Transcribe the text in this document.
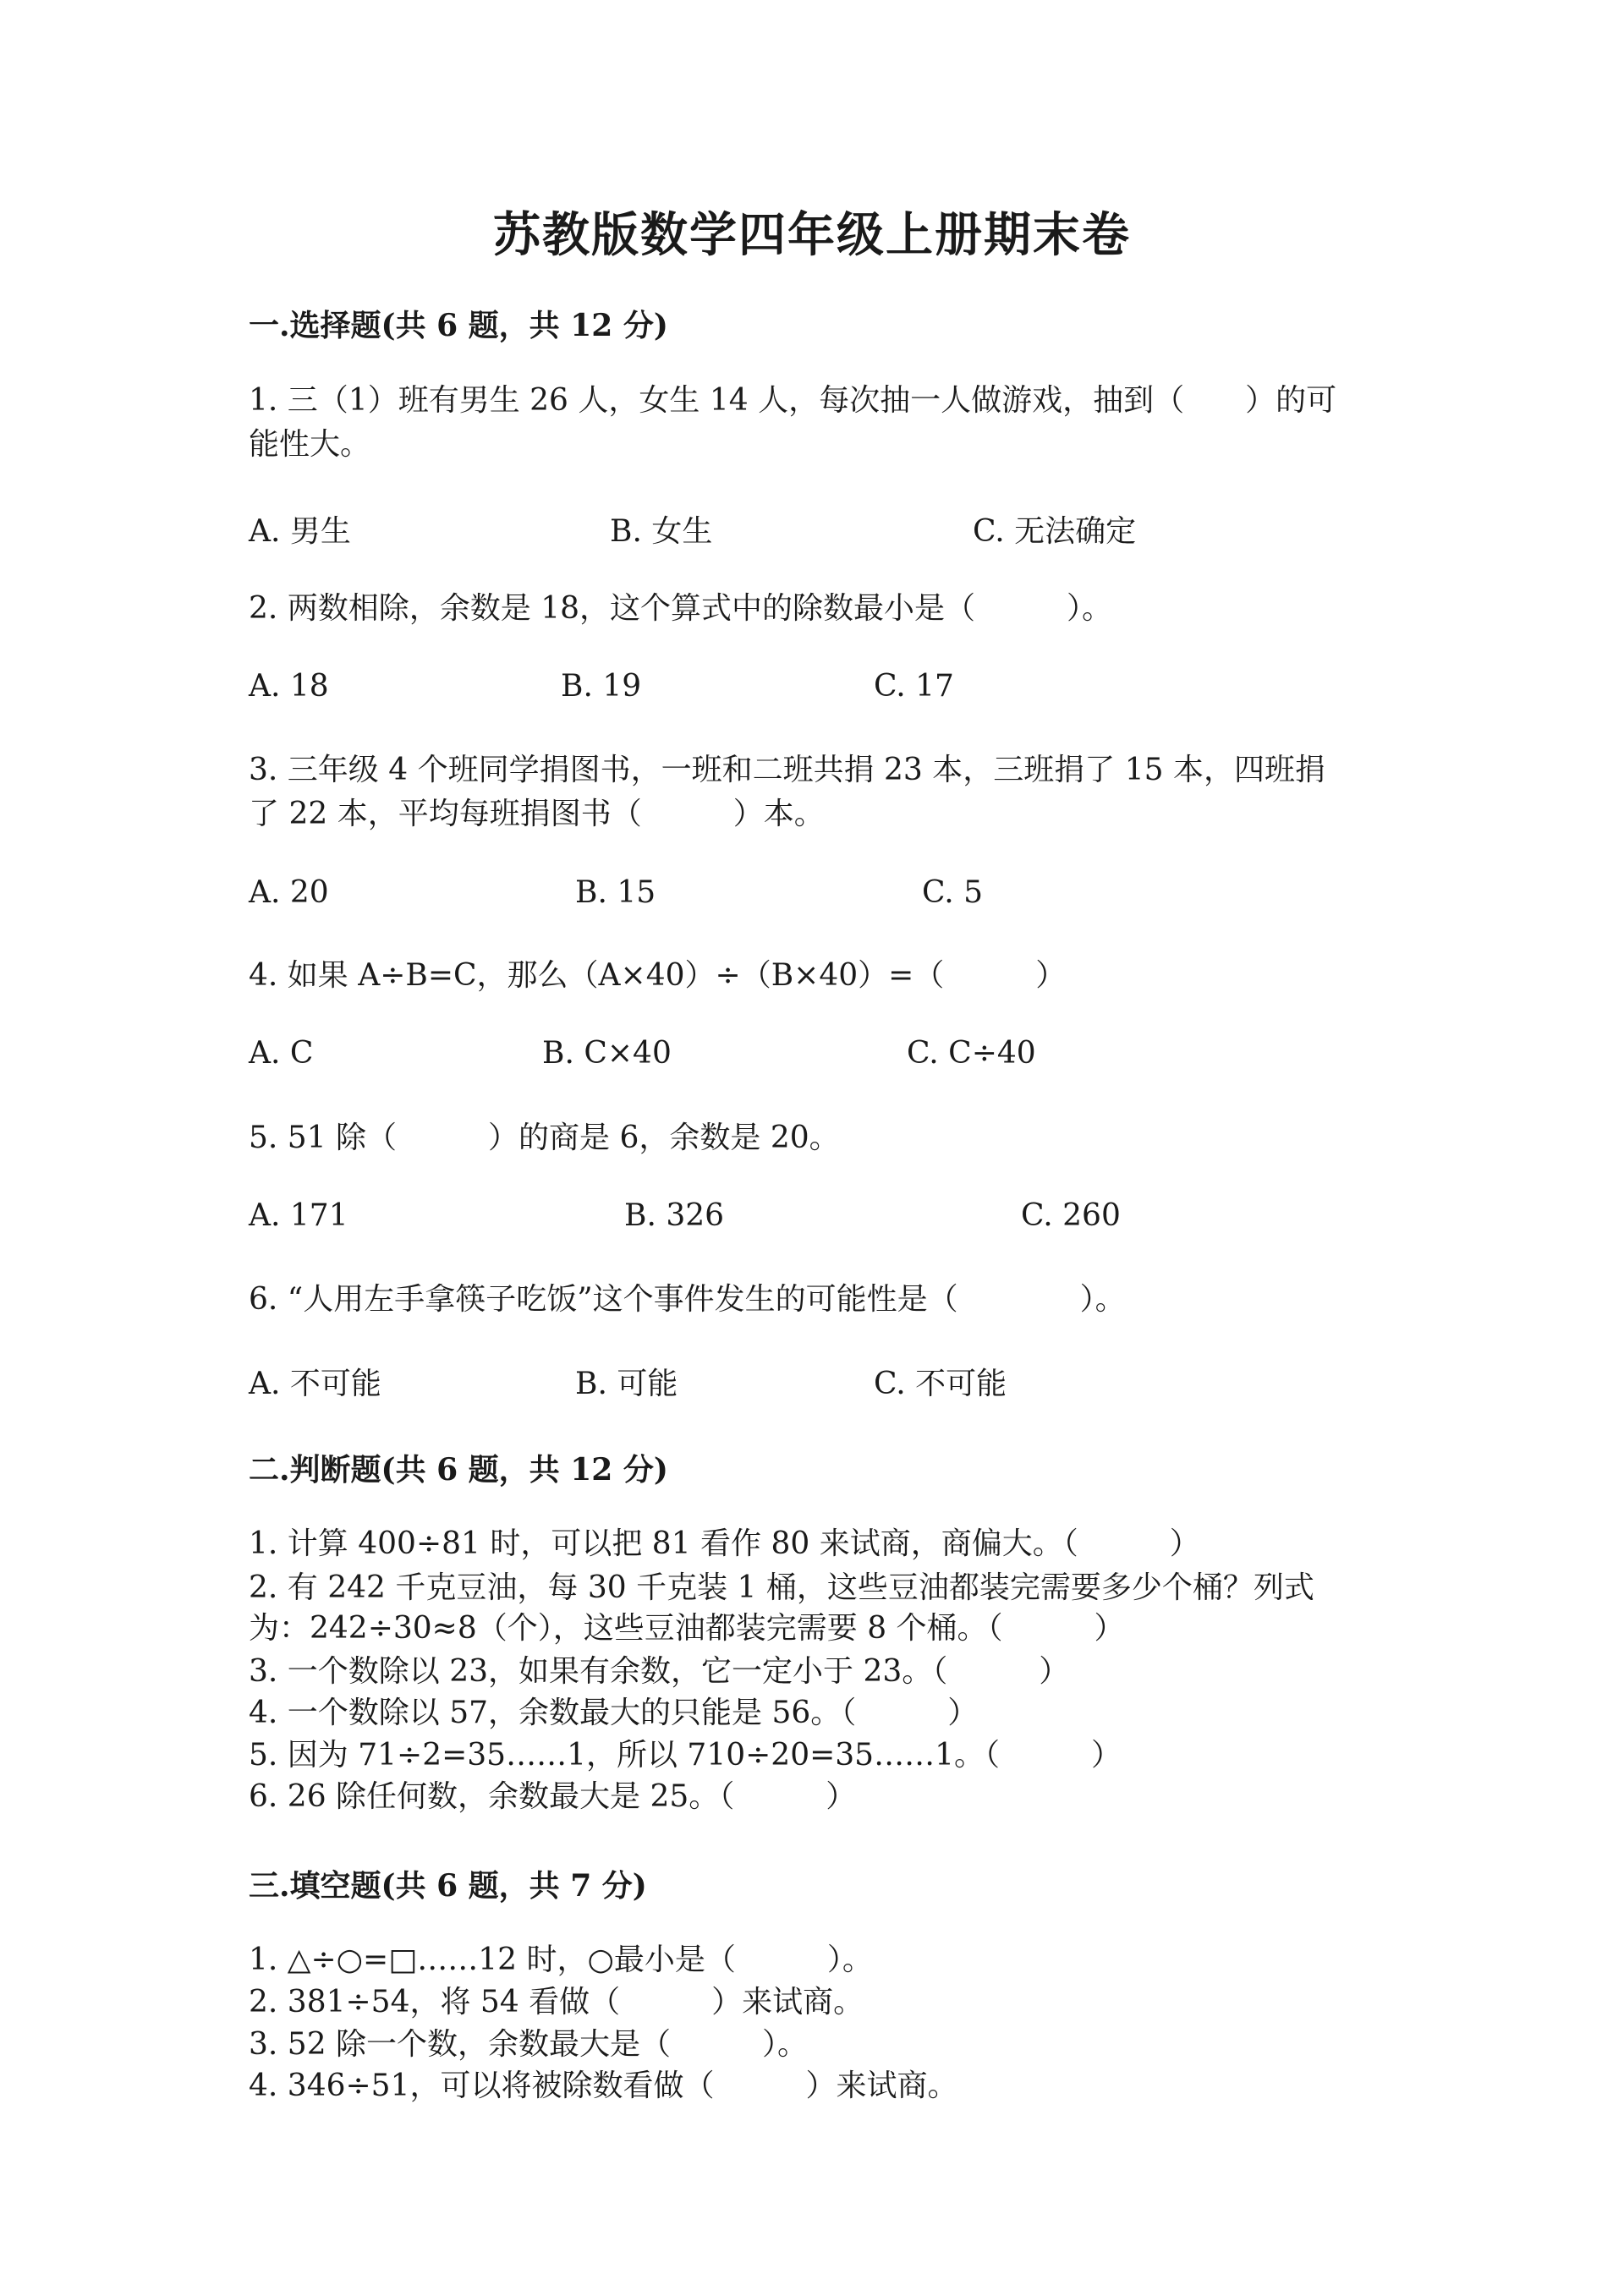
苏教版数学四年级上册期末卷
一.选择题(共 6 题，共 12 分)
1. 三（1）班有男生 26 人，女生 14 人，每次抽一人做游戏，抽到（　　）的可
能性大。
A. 男生	B. 女生	C. 无法确定
2. 两数相除，余数是 18，这个算式中的除数最小是（　　　）。
A. 18	B. 19	C. 17
3. 三年级 4 个班同学捐图书，一班和二班共捐 23 本，三班捐了 15 本，四班捐
了 22 本，平均每班捐图书（　　　）本。
A. 20	B. 15	C. 5
4. 如果 A÷B=C，那么（A×40）÷（B×40）=（　　　）
A. C	B. C×40	C. C÷40
5. 51 除（　　　）的商是 6，余数是 20。
A. 171	B. 326	C. 260
6. “人用左手拿筷子吃饭”这个事件发生的可能性是（　　　　）。
A. 不可能	B. 可能	C. 不可能
二.判断题(共 6 题，共 12 分)
1. 计算 400÷81 时，可以把 81 看作 80 来试商，商偏大。（　　　）
2. 有 242 千克豆油，每 30 千克装 1 桶，这些豆油都装完需要多少个桶？列式
为：242÷30≈8（个），这些豆油都装完需要 8 个桶。（　　　）
3. 一个数除以 23，如果有余数，它一定小于 23。（　　　）
4. 一个数除以 57，余数最大的只能是 56。（　　　）
5. 因为 71÷2=35……1，所以 710÷20=35……1。（　　　）
6. 26 除任何数，余数最大是 25。（　　　）
三.填空题(共 6 题，共 7 分)
1. △÷○=□……12 时，○最小是（　　　）。
2. 381÷54，将 54 看做（　　　）来试商。
3. 52 除一个数，余数最大是（　　　）。
4. 346÷51，可以将被除数看做（　　　）来试商。
